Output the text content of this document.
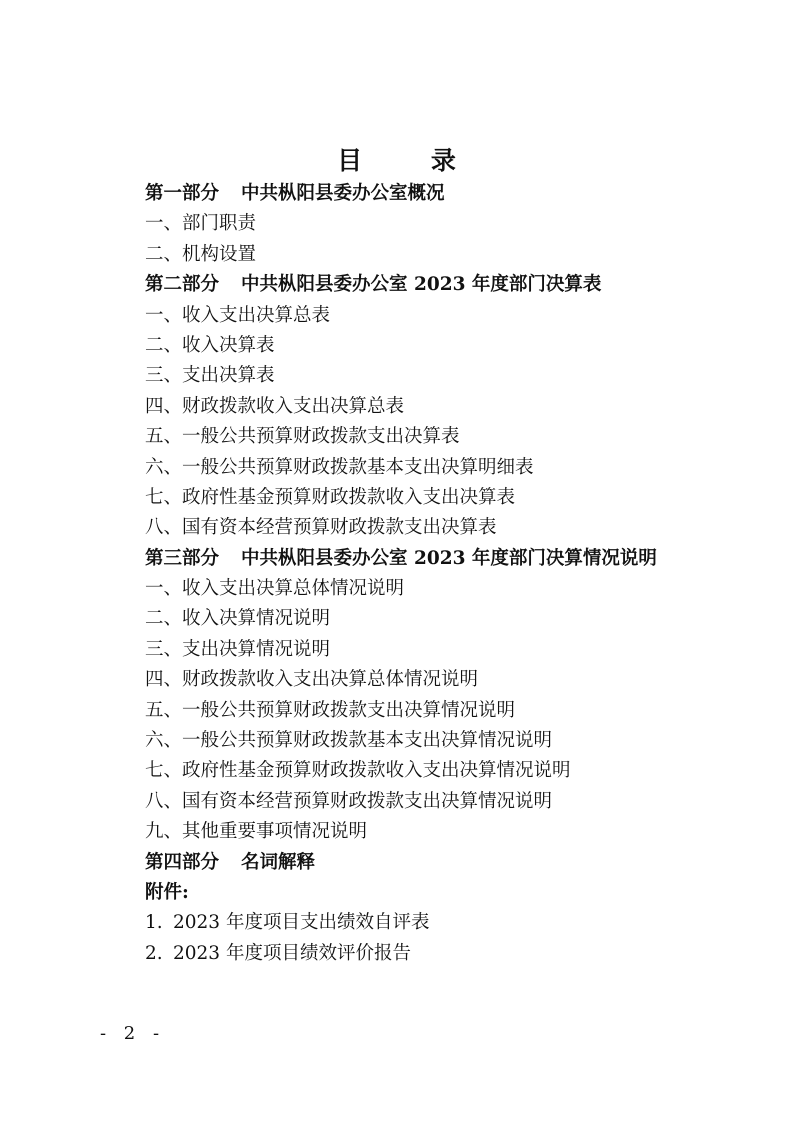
目 录
第一部分 中共枞阳县委办公室概况
一、部门职责
二、机构设置
第二部分 中共枞阳县委办公室 2023 年度部门决算表
一、收入支出决算总表
二、收入决算表
三、支出决算表
四、财政拨款收入支出决算总表
五、一般公共预算财政拨款支出决算表
六、一般公共预算财政拨款基本支出决算明细表
七、政府性基金预算财政拨款收入支出决算表
八、国有资本经营预算财政拨款支出决算表
第三部分 中共枞阳县委办公室 2023 年度部门决算情况说明
一、收入支出决算总体情况说明
二、收入决算情况说明
三、支出决算情况说明
四、财政拨款收入支出决算总体情况说明
五、一般公共预算财政拨款支出决算情况说明
六、一般公共预算财政拨款基本支出决算情况说明
七、政府性基金预算财政拨款收入支出决算情况说明
八、国有资本经营预算财政拨款支出决算情况说明
九、其他重要事项情况说明
第四部分 名词解释
附件:
1. 2023 年度项目支出绩效自评表
2. 2023 年度项目绩效评价报告
- 2 -
